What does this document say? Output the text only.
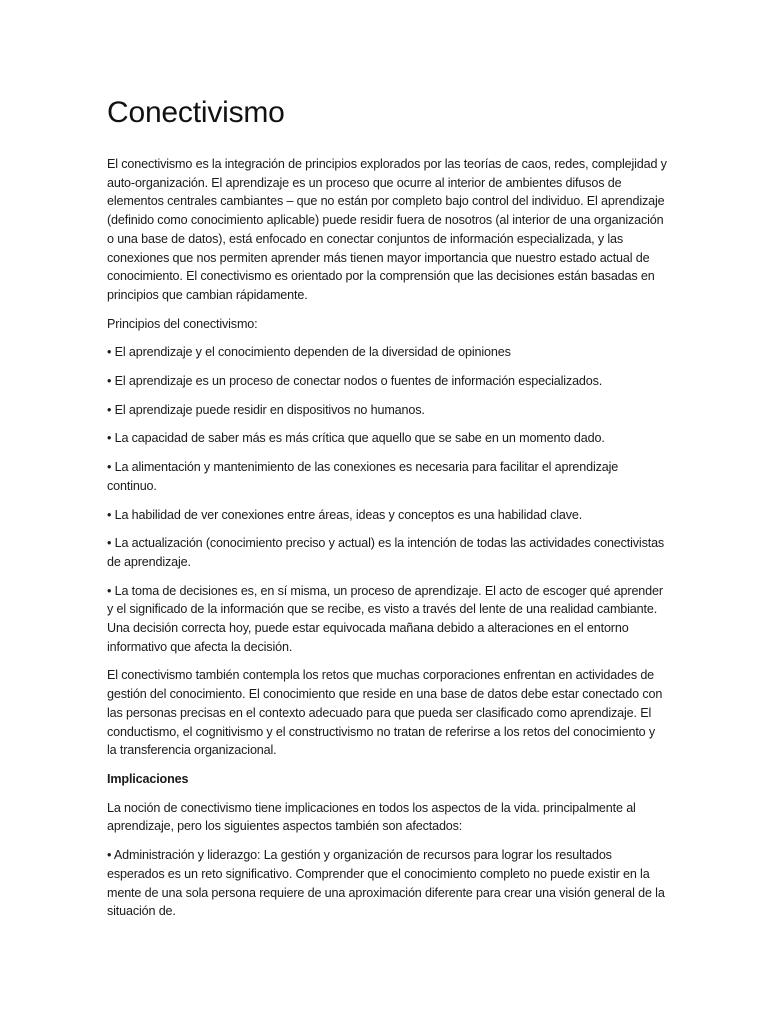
Conectivismo

El conectivismo es la integración de principios explorados por las teorías de caos, redes, complejidad y auto-organización. El aprendizaje es un proceso que ocurre al interior de ambientes difusos de elementos centrales cambiantes – que no están por completo bajo control del individuo. El aprendizaje (definido como conocimiento aplicable) puede residir fuera de nosotros (al interior de una organización o una base de datos), está enfocado en conectar conjuntos de información especializada, y las conexiones que nos permiten aprender más tienen mayor importancia que nuestro estado actual de conocimiento. El conectivismo es orientado por la comprensión que las decisiones están basadas en principios que cambian rápidamente.

Principios del conectivismo:

• El aprendizaje y el conocimiento dependen de la diversidad de opiniones

• El aprendizaje es un proceso de conectar nodos o fuentes de información especializados.

• El aprendizaje puede residir en dispositivos no humanos.

• La capacidad de saber más es más crítica que aquello que se sabe en un momento dado.

• La alimentación y mantenimiento de las conexiones es necesaria para facilitar el aprendizaje continuo.

• La habilidad de ver conexiones entre áreas, ideas y conceptos es una habilidad clave.

• La actualización (conocimiento preciso y actual) es la intención de todas las actividades conectivistas de aprendizaje.

• La toma de decisiones es, en sí misma, un proceso de aprendizaje. El acto de escoger qué aprender y el significado de la información que se recibe, es visto a través del lente de una realidad cambiante. Una decisión correcta hoy, puede estar equivocada mañana debido a alteraciones en el entorno informativo que afecta la decisión.

El conectivismo también contempla los retos que muchas corporaciones enfrentan en actividades de gestión del conocimiento. El conocimiento que reside en una base de datos debe estar conectado con las personas precisas en el contexto adecuado para que pueda ser clasificado como aprendizaje. El conductismo, el cognitivismo y el constructivismo no tratan de referirse a los retos del conocimiento y la transferencia organizacional.

Implicaciones

La noción de conectivismo tiene implicaciones en todos los aspectos de la vida. principalmente al aprendizaje, pero los siguientes aspectos también son afectados:

• Administración y liderazgo: La gestión y organización de recursos para lograr los resultados esperados es un reto significativo. Comprender que el conocimiento completo no puede existir en la mente de una sola persona requiere de una aproximación diferente para crear una visión general de la situación de.
